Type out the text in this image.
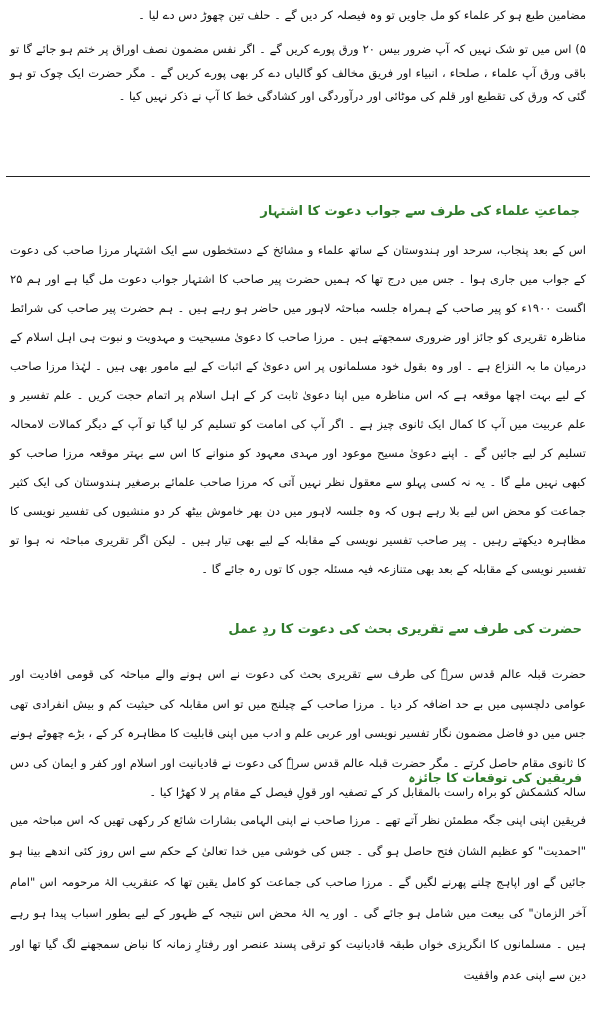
مضامین طبع ہو کر علماء کو مل جاویں تو وہ فیصلہ کر دیں گے ۔ حلف تین چھوڑ دس دے لیا ۔
۵) اس میں تو شک نہیں کہ آپ ضرور بیس ۲۰ ورق پورے کریں گے ۔ اگر نفس مضمون نصف اوراق پر ختم ہو جائے گا تو باقی ورق آپ علماء ، صلحاء ، انبیاء اور فریق مخالف کو گالیاں دے کر بھی پورے کریں گے ۔ مگر حضرت ایک چوک تو ہو گئی کہ ورق کی تقطیع اور قلم کی موٹائی اور درآوردگی اور کشادگی خط کا آپ نے ذکر نہیں کیا ۔
جماعتِ علماء کی طرف سے جواب دعوت کا اشتہار
اس کے بعد پنجاب، سرحد اور ہندوستان کے ساتھ علماء و مشائخ کے دستخطوں سے ایک اشتہار مرزا صاحب کی دعوت کے جواب میں جاری ہوا ۔ جس میں درج تھا کہ ہمیں حضرت پیر صاحب کا اشتہار جواب دعوت مل گیا ہے اور ہم ۲۵ اگست ۱۹۰۰ء کو پیر صاحب کے ہمراہ جلسہ مباحثہ لاہور میں حاضر ہو رہے ہیں ۔ ہم حضرت پیر صاحب کی شرائط مناظرہ تقریری کو جائز اور ضروری سمجھتے ہیں ۔ مرزا صاحب کا دعویٰ مسیحیت و مہدویت و نبوت ہی اہل اسلام کے درمیان ما بہ النزاع ہے ۔ اور وہ بقول خود مسلمانوں پر اس دعویٰ کے اثبات کے لیے مامور بھی ہیں ۔ لہٰذا مرزا صاحب کے لیے بہت اچھا موقعہ ہے کہ اس مناظرہ میں اپنا دعویٰ ثابت کر کے اہل اسلام پر اتمام حجت کریں ۔ علم تفسیر و علم عربیت میں آپ کا کمال ایک ثانوی چیز ہے ۔ اگر آپ کی امامت کو تسلیم کر لیا گیا تو آپ کے دیگر کمالات لامحالہ تسلیم کر لیے جائیں گے ۔ اپنے دعویٰ مسیح موعود اور مہدی معہود کو منوانے کا اس سے بہتر موقعہ مرزا صاحب کو کبھی نہیں ملے گا ۔ یہ نہ کسی پہلو سے معقول نظر نہیں آتی کہ مرزا صاحب علمائے برصغیر ہندوستان کی ایک کثیر جماعت کو محض اس لیے بلا رہے ہوں کہ وہ جلسہ لاہور میں دن بھر خاموش بیٹھ کر دو منشیوں کی تفسیر نویسی کا مظاہرہ دیکھتے رہیں ۔ پیر صاحب تفسیر نویسی کے مقابلہ کے لیے بھی تیار ہیں ۔ لیکن اگر تقریری مباحثہ نہ ہوا تو تفسیر نویسی کے مقابلہ کے بعد بھی متنازعہ فیہ مسئلہ جوں کا توں رہ جائے گا ۔
حضرت کی طرف سے تقریری بحث کی دعوت کا ردِ عمل
حضرت قبلہ عالم قدس سرہٗ کی طرف سے تقریری بحث کی دعوت نے اس ہونے والے مباحثہ کی قومی افادیت اور عوامی دلچسپی میں بے حد اضافہ کر دیا ۔ مرزا صاحب کے چیلنج میں تو اس مقابلہ کی حیثیت کم و بیش انفرادی تھی جس میں دو فاضل مضمون نگار تفسیر نویسی اور عربی علم و ادب میں اپنی قابلیت کا مظاہرہ کر کے ، بڑے چھوٹے ہونے کا ثانوی مقام حاصل کرتے ۔ مگر حضرت قبلہ عالم قدس سرہٗ کی دعوت نے قادیانیت اور اسلام اور کفر و ایمان کی دس سالہ کشمکش کو براہ راست بالمقابل کر کے تصفیہ اور قولِ فیصل کے مقام پر لا کھڑا کیا ۔
فریقین کی توقعات کا جائزہ
فریقین اپنی اپنی جگہ مطمئن نظر آتے تھے ۔ مرزا صاحب نے اپنی الہامی بشارات شائع کر رکھی تھیں کہ اس مباحثہ میں "احمدیت" کو عظیم الشان فتح حاصل ہو گی ۔ جس کی خوشی میں خدا تعالیٰ کے حکم سے اس روز کئی اندھے بینا ہو جائیں گے اور اپاہج چلنے پھرنے لگیں گے ۔ مرزا صاحب کی جماعت کو کامل یقین تھا کہ عنقریب الہٰ مرحومہ اس "امام آخر الزمان" کی بیعت میں شامل ہو جائے گی ۔ اور یہ الہٰ محض اس نتیجہ کے ظہور کے لیے بطور اسباب پیدا ہو رہے ہیں ۔ مسلمانوں کا انگریزی خواں طبقہ قادیانیت کو ترقی پسند عنصر اور رفتارِ زمانہ کا نباض سمجھنے لگ گیا تھا اور دین سے اپنی عدم واقفیت
